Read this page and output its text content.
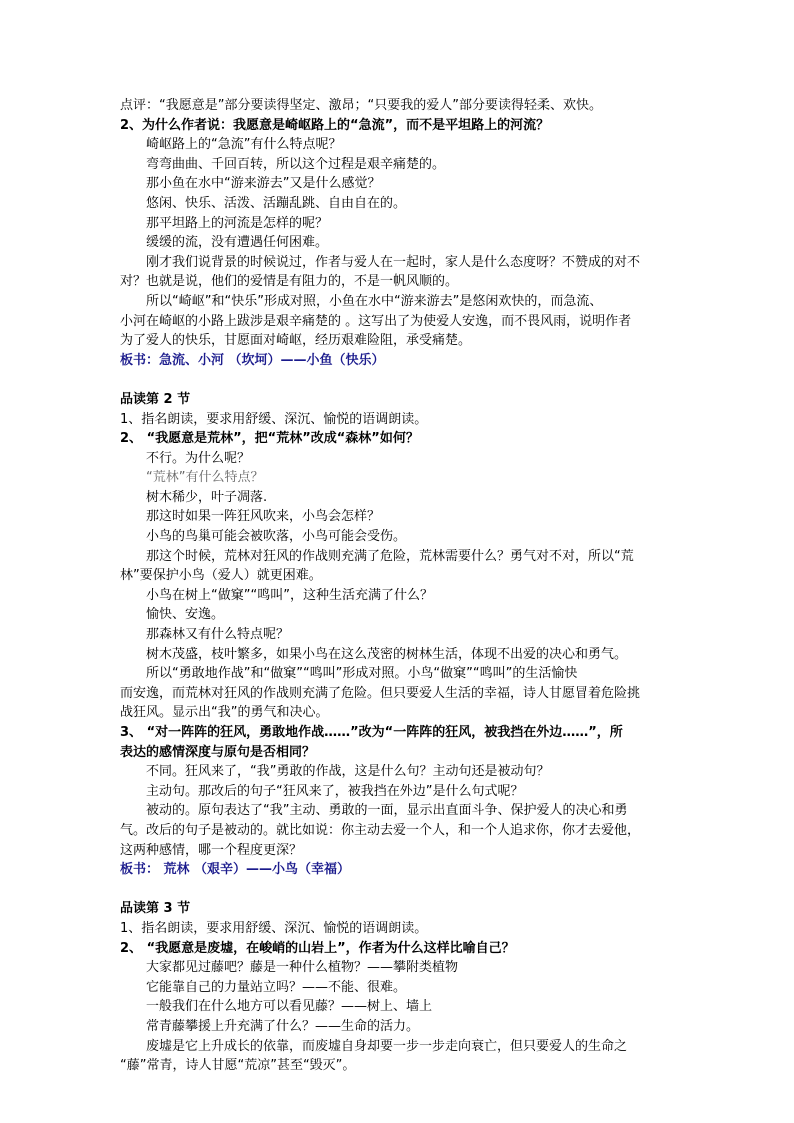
点评：“我愿意是”部分要读得坚定、激昂；“只要我的爱人”部分要读得轻柔、欢快。
2、为什么作者说：我愿意是崎岖路上的“急流”，而不是平坦路上的河流？
崎岖路上的“急流”有什么特点呢？
弯弯曲曲、千回百转，所以这个过程是艰辛痛楚的。
那小鱼在水中“游来游去”又是什么感觉？
悠闲、快乐、活泼、活蹦乱跳、自由自在的。
那平坦路上的河流是怎样的呢？
缓缓的流，没有遭遇任何困难。
刚才我们说背景的时候说过，作者与爱人在一起时，家人是什么态度呀？不赞成的对不
对？也就是说，他们的爱情是有阻力的，不是一帆风顺的。
所以“崎岖”和“快乐”形成对照，小鱼在水中“游来游去”是悠闲欢快的，而急流、
小河在崎岖的小路上跋涉是艰辛痛楚的 。这写出了为使爱人安逸，而不畏风雨，说明作者
为了爱人的快乐，甘愿面对崎岖，经历艰难险阻，承受痛楚。
板书：急流、小河 （坎坷）——小鱼（快乐）
品读第 2 节
1、指名朗读，要求用舒缓、深沉、愉悦的语调朗读。
2、 “我愿意是荒林”，把“荒林”改成“森林”如何？
不行。为什么呢？
“荒林”有什么特点？
树木稀少，叶子凋落.
那这时如果一阵狂风吹来，小鸟会怎样？
小鸟的鸟巢可能会被吹落，小鸟可能会受伤。
那这个时候，荒林对狂风的作战则充满了危险，荒林需要什么？勇气对不对，所以“荒
林”要保护小鸟（爱人）就更困难。
小鸟在树上“做窠”“鸣叫”，这种生活充满了什么？
愉快、安逸。
那森林又有什么特点呢？
树木茂盛，枝叶繁多，如果小鸟在这么茂密的树林生活，体现不出爱的决心和勇气。
所以“勇敢地作战”和“做窠”“鸣叫”形成对照。小鸟“做窠”“鸣叫”的生活愉快
而安逸，而荒林对狂风的作战则充满了危险。但只要爱人生活的幸福，诗人甘愿冒着危险挑
战狂风。显示出“我”的勇气和决心。
3、 “对一阵阵的狂风，勇敢地作战……”改为“一阵阵的狂风，被我挡在外边……”，所
表达的感情深度与原句是否相同？
不同。狂风来了，“我”勇敢的作战，这是什么句？主动句还是被动句？
主动句。那改后的句子“狂风来了，被我挡在外边”是什么句式呢？
被动的。原句表达了“我”主动、勇敢的一面，显示出直面斗争、保护爱人的决心和勇
气。改后的句子是被动的。就比如说：你主动去爱一个人，和一个人追求你，你才去爱他，
这两种感情，哪一个程度更深？
板书： 荒林 （艰辛）——小鸟（幸福）
品读第 3 节
1、指名朗读，要求用舒缓、深沉、愉悦的语调朗读。
2、 “我愿意是废墟，在峻峭的山岩上”，作者为什么这样比喻自己？
大家都见过藤吧？藤是一种什么植物？——攀附类植物
它能靠自己的力量站立吗？——不能、很难。
一般我们在什么地方可以看见藤？——树上、墙上
常青藤攀援上升充满了什么？——生命的活力。
废墟是它上升成长的依靠，而废墟自身却要一步一步走向衰亡，但只要爱人的生命之
“藤”常青，诗人甘愿“荒凉”甚至“毁灭”。
